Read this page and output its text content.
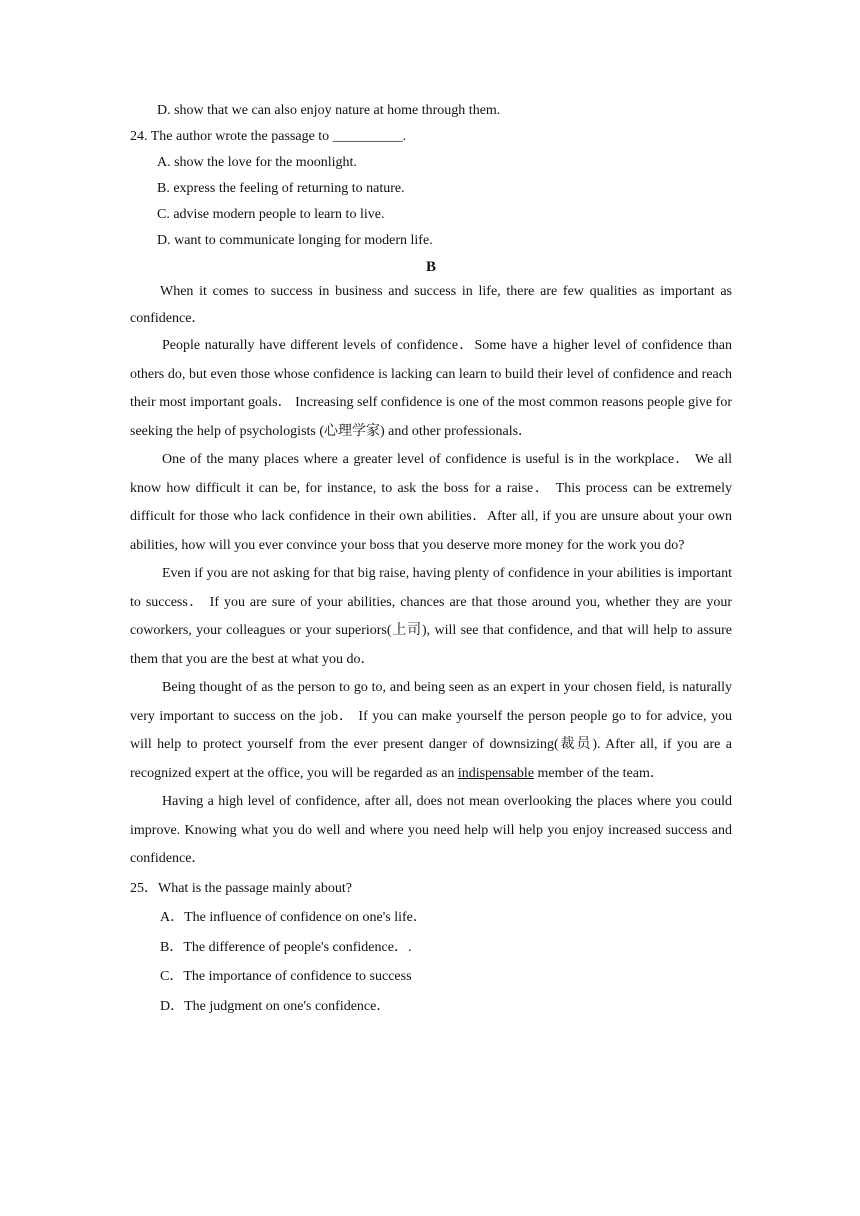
D. show that we can also enjoy nature at home through them.
24. The author wrote the passage to __________.
A. show the love for the moonlight.
B. express the feeling of returning to nature.
C. advise modern people to learn to live.
D. want to communicate longing for modern life.
B

When it comes to success in business and success in life, there are few qualities as important as confidence．

People naturally have different levels of confidence．Some have a higher level of confidence than others do, but even those whose confidence is lacking can learn to build their level of confidence and reach their most important goals． Increasing self confidence is one of the most common reasons people give for seeking the help of psychologists (心理学家) and other professionals．

One of the many places where a greater level of confidence is useful is in the workplace． We all know how difficult it can be, for instance, to ask the boss for a raise． This process can be extremely difficult for those who lack confidence in their own abilities．After all, if you are unsure about your own abilities, how will you ever convince your boss that you deserve more money for the work you do?

Even if you are not asking for that big raise, having plenty of confidence in your abilities is important to success． If you are sure of your abilities, chances are that those around you, whether they are your coworkers, your colleagues or your superiors(上司), will see that confidence, and that will help to assure them that you are the best at what you do．

Being thought of as the person to go to, and being seen as an expert in your chosen field, is naturally very important to success on the job． If you can make yourself the person people go to for advice, you will help to protect yourself from the ever present danger of downsizing(裁员). After all, if you are a recognized expert at the office, you will be regarded as an indispensable member of the team．

Having a high level of confidence, after all, does not mean overlooking the places where you could improve. Knowing what you do well and where you need help will help you enjoy increased success and confidence．

25．What is the passage mainly about?
A．The influence of confidence on one's life．
B．The difference of people's confidence．.
C．The importance of confidence to success
D．The judgment on one's confidence．
